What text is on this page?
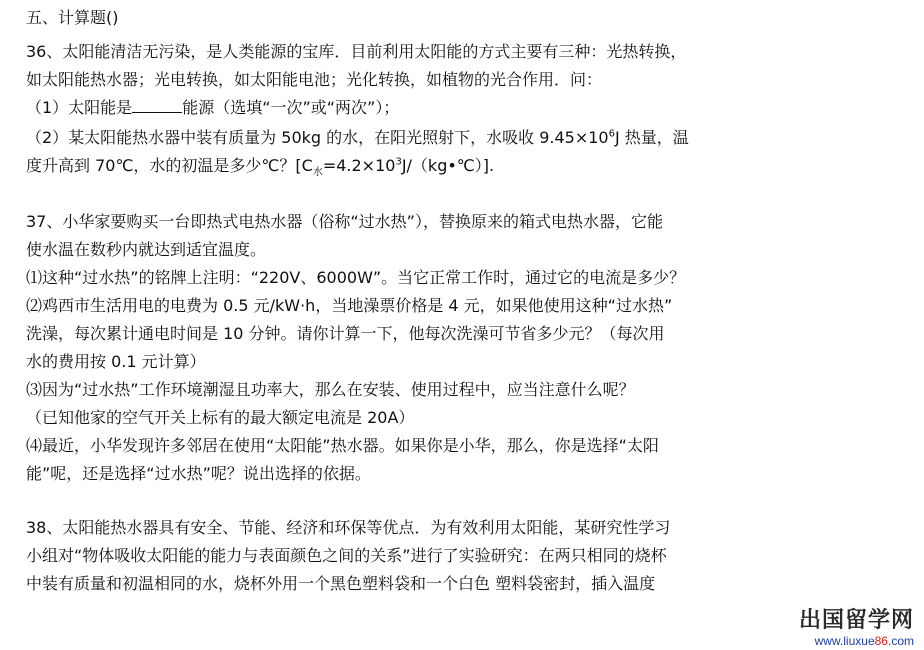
五、计算题()
36、太阳能清洁无污染，是人类能源的宝库．目前利用太阳能的方式主要有三种：光热转换，
如太阳能热水器；光电转换，如太阳能电池；光化转换，如植物的光合作用．问：
（1）太阳能是	能源（选填“一次”或“两次”）；
（2）某太阳能热水器中装有质量为 50kg 的水，在阳光照射下，水吸收 $9.45\times 10^6J$ 热量，温
度升高到 70℃，水的初温是多少℃？$[C_水=4.2\times 10^3J/(kg•℃)]$.
37、小华家要购买一台即热式电热水器（俗称“过水热”），替换原来的箱式电热水器，它能
使水温在数秒内就达到适宜温度。
⑴这种“过水热”的铭牌上注明：“220V、6000W”。当它正常工作时，通过它的电流是多少？
⑵鸡西市生活用电的电费为 0.5 元/kW·h，当地澡票价格是 4 元，如果他使用这种“过水热”
洗澡，每次累计通电时间是 10 分钟。请你计算一下，他每次洗澡可节省多少元？（每次用
水的费用按 0.1 元计算）
⑶因为“过水热”工作环境潮湿且功率大，那么在安装、使用过程中，应当注意什么呢？
（已知他家的空气开关上标有的最大额定电流是 20A）
⑷最近，小华发现许多邻居在使用“太阳能”热水器。如果你是小华，那么，你是选择“太阳
能”呢，还是选择“过水热”呢？说出选择的依据。
38、太阳能热水器具有安全、节能、经济和环保等优点．为有效利用太阳能，某研究性学习
小组对“物体吸收太阳能的能力与表面颜色之间的关系”进行了实验研究：在两只相同的烧杯
中装有质量和初温相同的水，烧杯外用一个黑色塑料袋和一个白色 塑料袋密封，插入温度
出国留学网
www.liuxue86.com
